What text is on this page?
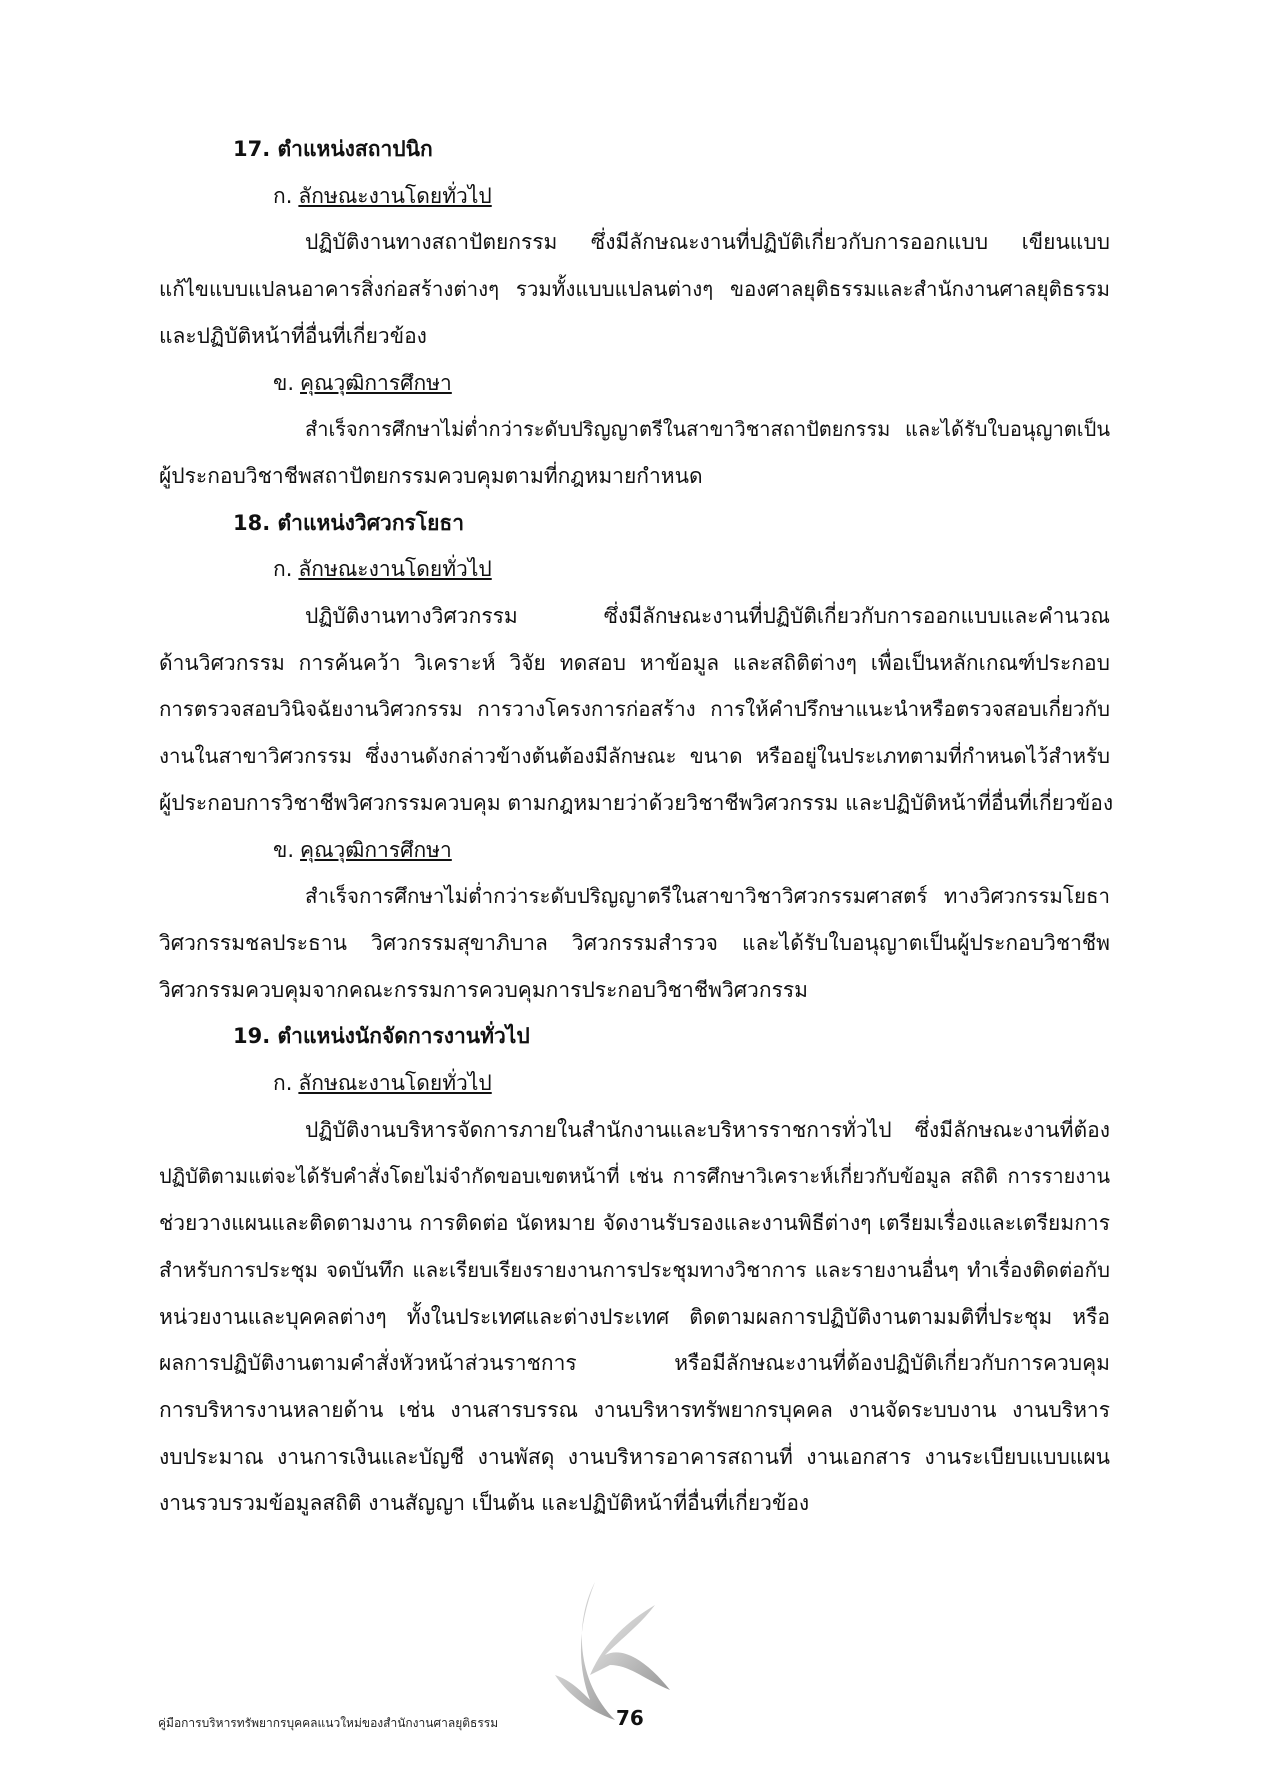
17. ตำแหน่งสถาปนิก
ก. ลักษณะงานโดยทั่วไป
ปฏิบัติงานทางสถาปัตยกรรม ซึ่งมีลักษณะงานที่ปฏิบัติเกี่ยวกับการออกแบบ เขียนแบบ
แก้ไขแบบแปลนอาคารสิ่งก่อสร้างต่างๆ รวมทั้งแบบแปลนต่างๆ ของศาลยุติธรรมและสำนักงานศาลยุติธรรม
และปฏิบัติหน้าที่อื่นที่เกี่ยวข้อง
ข. คุณวุฒิการศึกษา
สำเร็จการศึกษาไม่ต่ำกว่าระดับปริญญาตรีในสาขาวิชาสถาปัตยกรรม และได้รับใบอนุญาตเป็น
ผู้ประกอบวิชาชีพสถาปัตยกรรมควบคุมตามที่กฎหมายกำหนด
18. ตำแหน่งวิศวกรโยธา
ก. ลักษณะงานโดยทั่วไป
ปฏิบัติงานทางวิศวกรรม ซึ่งมีลักษณะงานที่ปฏิบัติเกี่ยวกับการออกแบบและคำนวณ
ด้านวิศวกรรม การค้นคว้า วิเคราะห์ วิจัย ทดสอบ หาข้อมูล และสถิติต่างๆ เพื่อเป็นหลักเกณฑ์ประกอบ
การตรวจสอบวินิจฉัยงานวิศวกรรม การวางโครงการก่อสร้าง การให้คำปรึกษาแนะนำหรือตรวจสอบเกี่ยวกับ
งานในสาขาวิศวกรรม ซึ่งงานดังกล่าวข้างต้นต้องมีลักษณะ ขนาด หรืออยู่ในประเภทตามที่กำหนดไว้สำหรับ
ผู้ประกอบการวิชาชีพวิศวกรรมควบคุม ตามกฎหมายว่าด้วยวิชาชีพวิศวกรรม และปฏิบัติหน้าที่อื่นที่เกี่ยวข้อง
ข. คุณวุฒิการศึกษา
สำเร็จการศึกษาไม่ต่ำกว่าระดับปริญญาตรีในสาขาวิชาวิศวกรรมศาสตร์ ทางวิศวกรรมโยธา
วิศวกรรมชลประธาน วิศวกรรมสุขาภิบาล วิศวกรรมสำรวจ และได้รับใบอนุญาตเป็นผู้ประกอบวิชาชีพ
วิศวกรรมควบคุมจากคณะกรรมการควบคุมการประกอบวิชาชีพวิศวกรรม
19. ตำแหน่งนักจัดการงานทั่วไป
ก. ลักษณะงานโดยทั่วไป
ปฏิบัติงานบริหารจัดการภายในสำนักงานและบริหารราชการทั่วไป ซึ่งมีลักษณะงานที่ต้อง
ปฏิบัติตามแต่จะได้รับคำสั่งโดยไม่จำกัดขอบเขตหน้าที่ เช่น การศึกษาวิเคราะห์เกี่ยวกับข้อมูล สถิติ การรายงาน
ช่วยวางแผนและติดตามงาน การติดต่อ นัดหมาย จัดงานรับรองและงานพิธีต่างๆ เตรียมเรื่องและเตรียมการ
สำหรับการประชุม จดบันทึก และเรียบเรียงรายงานการประชุมทางวิชาการ และรายงานอื่นๆ ทำเรื่องติดต่อกับ
หน่วยงานและบุคคลต่างๆ ทั้งในประเทศและต่างประเทศ ติดตามผลการปฏิบัติงานตามมติที่ประชุม หรือ
ผลการปฏิบัติงานตามคำสั่งหัวหน้าส่วนราชการ หรือมีลักษณะงานที่ต้องปฏิบัติเกี่ยวกับการควบคุม
การบริหารงานหลายด้าน เช่น งานสารบรรณ งานบริหารทรัพยากรบุคคล งานจัดระบบงาน งานบริหาร
งบประมาณ งานการเงินและบัญชี งานพัสดุ งานบริหารอาคารสถานที่ งานเอกสาร งานระเบียบแบบแผน
งานรวบรวมข้อมูลสถิติ งานสัญญา เป็นต้น และปฏิบัติหน้าที่อื่นที่เกี่ยวข้อง
คู่มือการบริหารทรัพยากรบุคคลแนวใหม่ของสำนักงานศาลยุติธรรม	76
